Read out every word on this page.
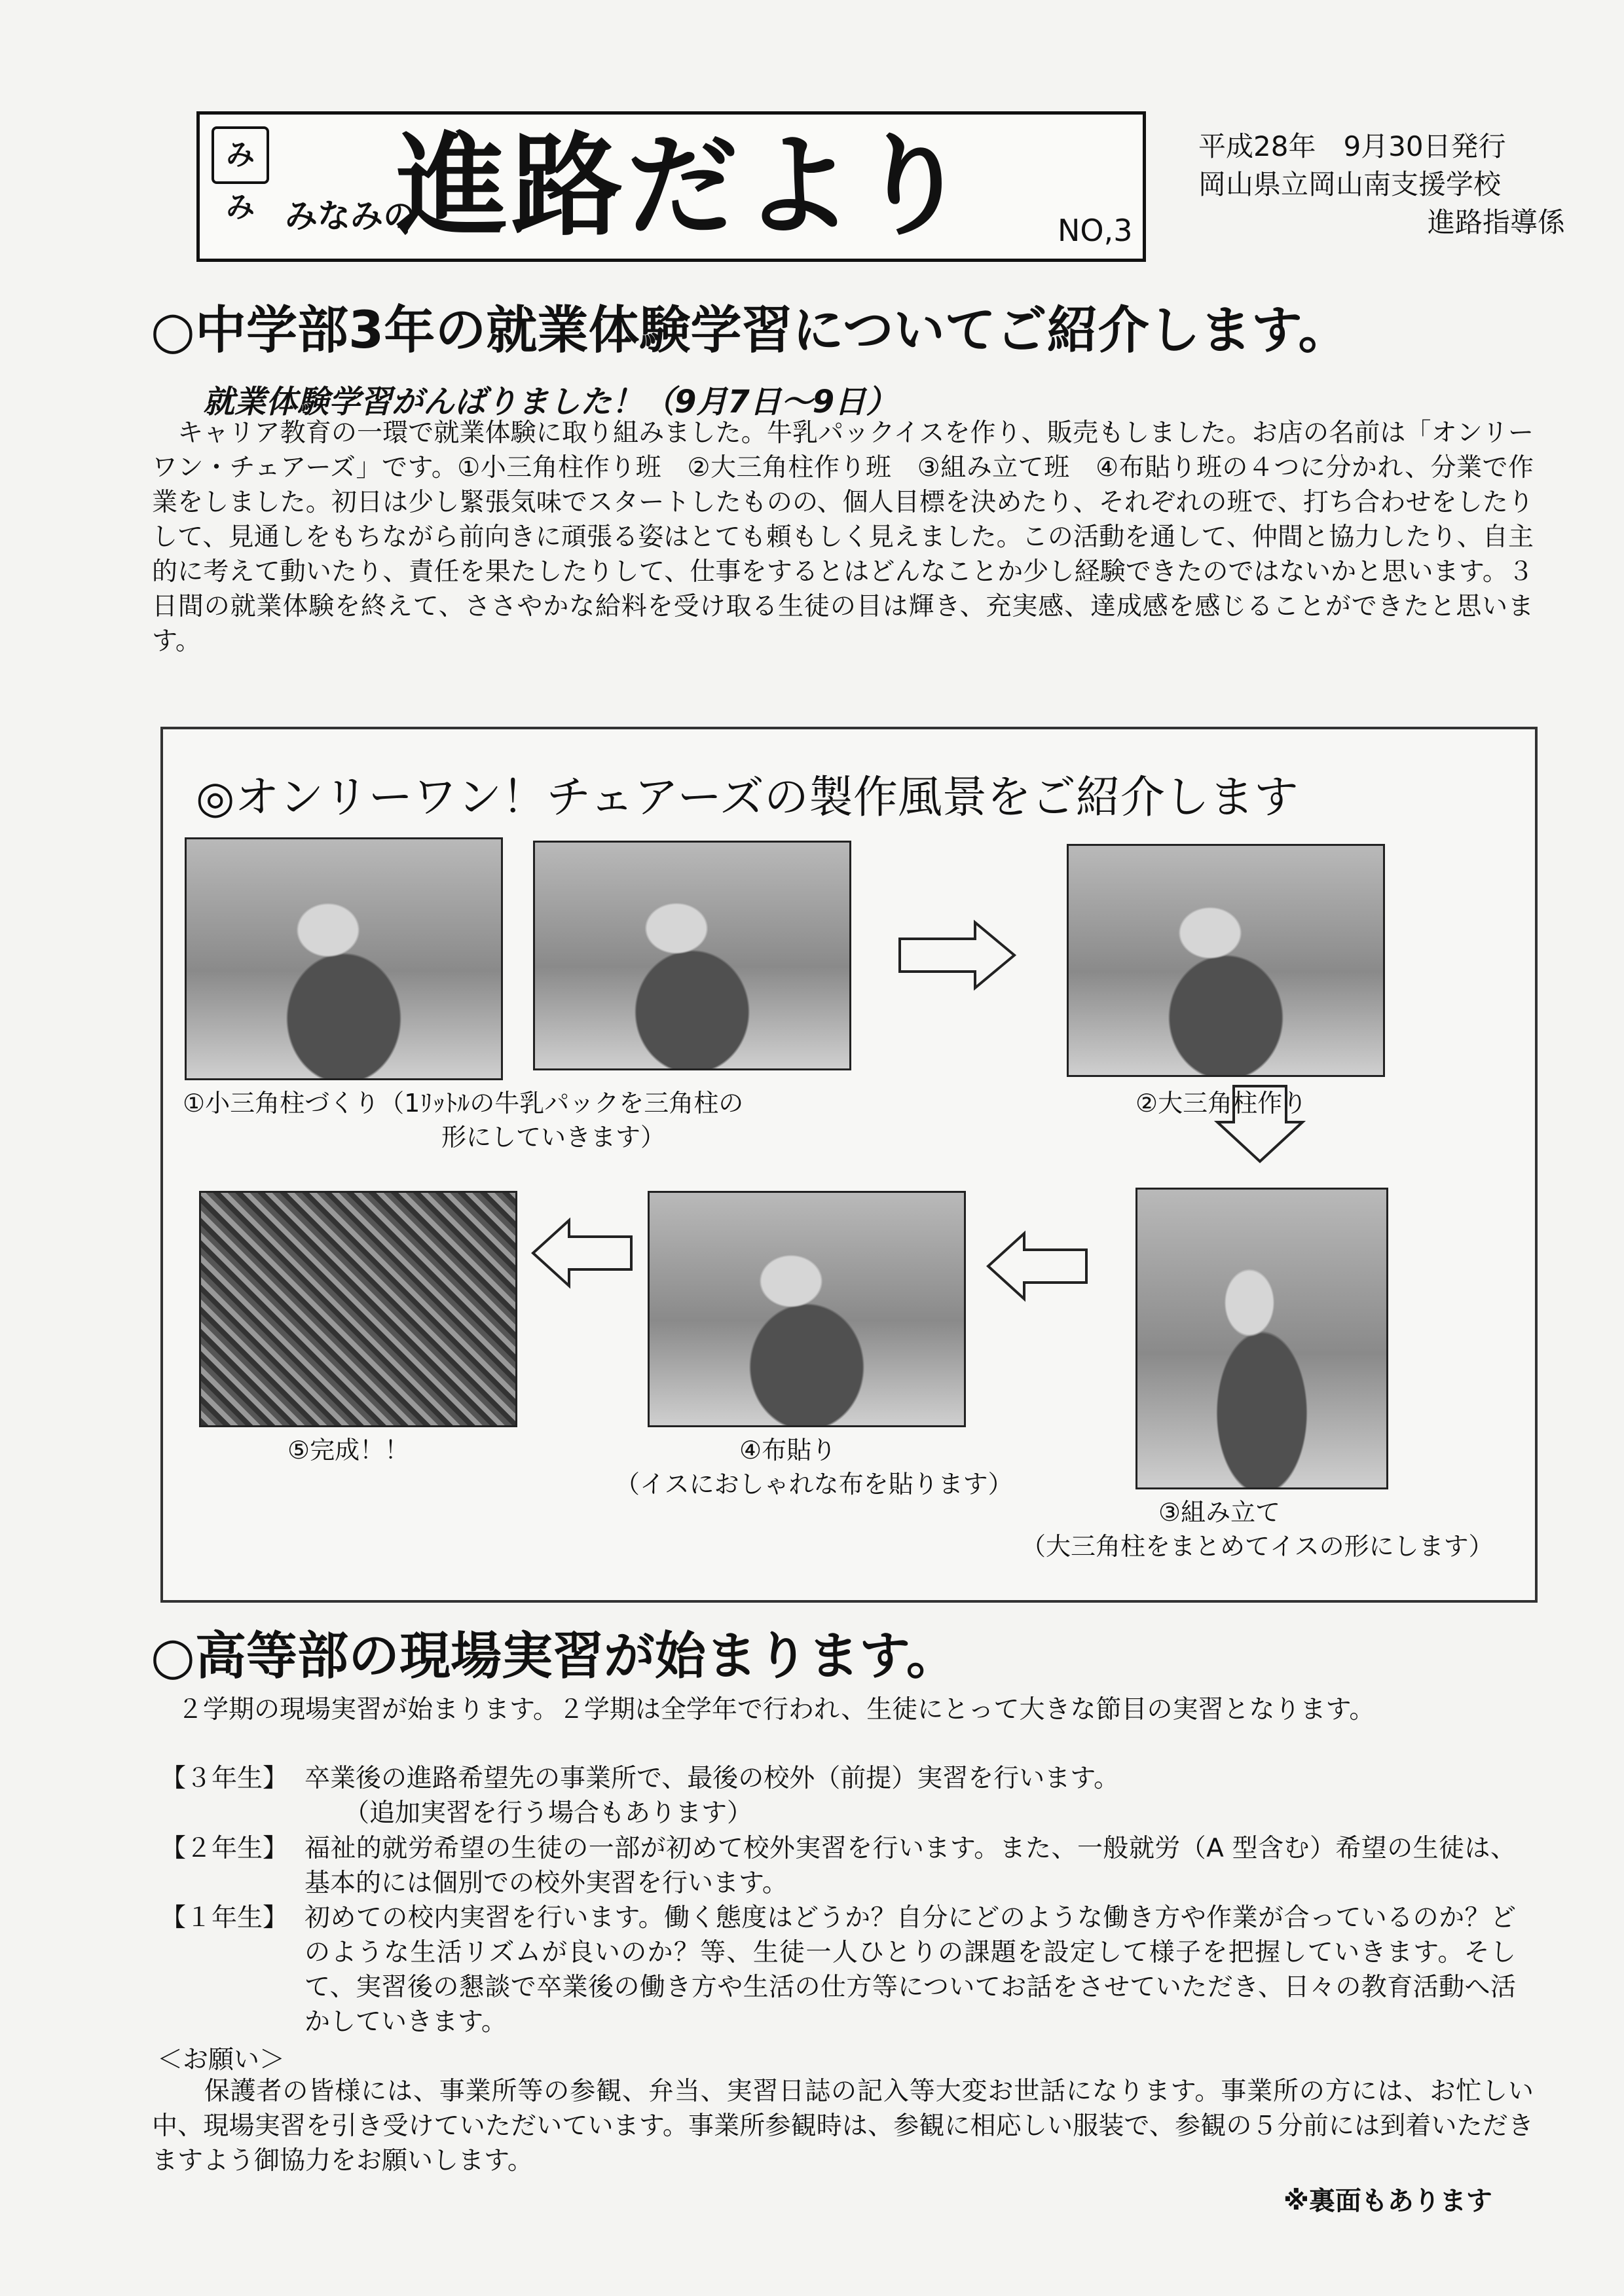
みみ みなみの
進路だより	NO,3
平成28年　9月30日発行
岡山県立岡山南支援学校
進路指導係
○中学部3年の就業体験学習についてご紹介します。
就業体験学習がんばりました！（9月7日～9日）
　キャリア教育の一環で就業体験に取り組みました。牛乳パックイスを作り、販売もしました。お店の名前は「オンリーワン・チェアーズ」です。①小三角柱作り班　②大三角柱作り班　③組み立て班　④布貼り班の４つに分かれ、分業で作業をしました。初日は少し緊張気味でスタートしたものの、個人目標を決めたり、それぞれの班で、打ち合わせをしたりして、見通しをもちながら前向きに頑張る姿はとても頼もしく見えました。この活動を通して、仲間と協力したり、自主的に考えて動いたり、責任を果たしたりして、仕事をするとはどんなことか少し経験できたのではないかと思います。３日間の就業体験を終えて、ささやかな給料を受け取る生徒の目は輝き、充実感、達成感を感じることができたと思います。
◎オンリーワン！チェアーズの製作風景をご紹介します
①小三角柱づくり（1ﾘｯﾄﾙの牛乳パックを三角柱の
形にしていきます）
②大三角柱作り
③組み立て
（大三角柱をまとめてイスの形にします）
④布貼り
（イスにおしゃれな布を貼ります）
⑤完成！！
○高等部の現場実習が始まります。
　２学期の現場実習が始まります。２学期は全学年で行われ、生徒にとって大きな節目の実習となります。
【３年生】 卒業後の進路希望先の事業所で、最後の校外（前提）実習を行います。
（追加実習を行う場合もあります）
【２年生】 福祉的就労希望の生徒の一部が初めて校外実習を行います。また、一般就労（A 型含む）希望の生徒は、基本的には個別での校外実習を行います。
【１年生】 初めての校内実習を行います。働く態度はどうか？自分にどのような働き方や作業が合っているのか？どのような生活リズムが良いのか？等、生徒一人ひとりの課題を設定して様子を把握していきます。そして、実習後の懇談で卒業後の働き方や生活の仕方等についてお話をさせていただき、日々の教育活動へ活かしていきます。
＜お願い＞
　　保護者の皆様には、事業所等の参観、弁当、実習日誌の記入等大変お世話になります。事業所の方には、お忙しい中、現場実習を引き受けていただいています。事業所参観時は、参観に相応しい服装で、参観の５分前には到着いただきますよう御協力をお願いします。
※裏面もあります
